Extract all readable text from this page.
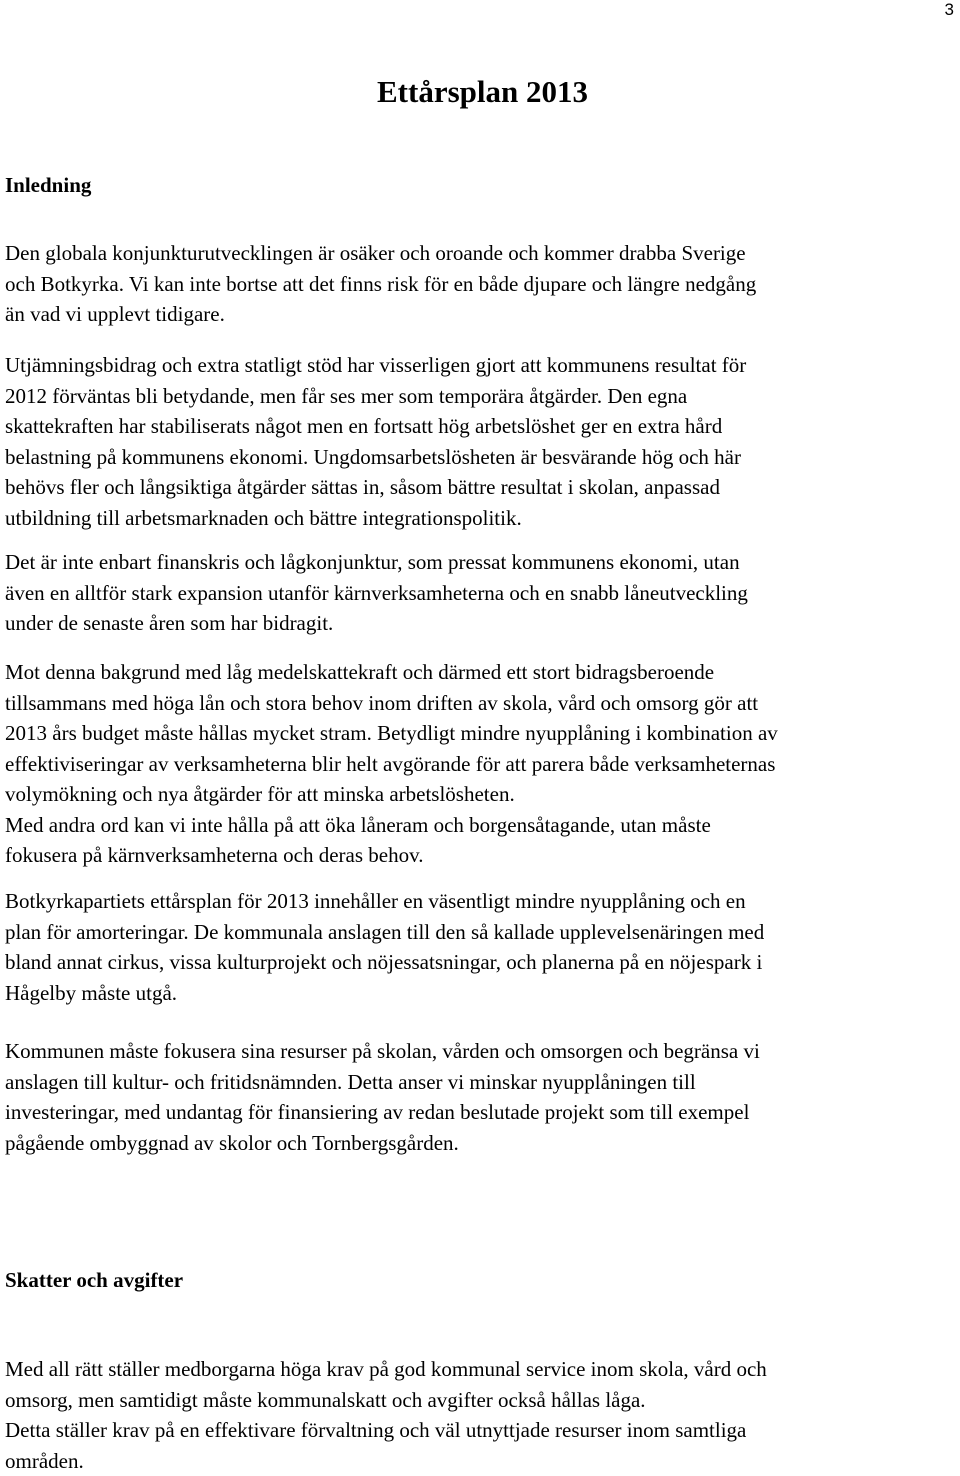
3
Ettårsplan 2013
Inledning

Den globala konjunkturutvecklingen är osäker och oroande och kommer drabba Sverige
och Botkyrka. Vi kan inte bortse att det finns risk för en både djupare och längre nedgång
än vad vi upplevt tidigare.

Utjämningsbidrag och extra statligt stöd har visserligen gjort att kommunens resultat för
2012 förväntas bli betydande, men får ses mer som temporära åtgärder. Den egna
skattekraften har stabiliserats något men en fortsatt hög arbetslöshet ger en extra hård
belastning på kommunens ekonomi. Ungdomsarbetslösheten är besvärande hög och här
behövs fler och långsiktiga åtgärder sättas in, såsom bättre resultat i skolan, anpassad
utbildning till arbetsmarknaden och bättre integrationspolitik.

Det är inte enbart finanskris och lågkonjunktur, som pressat kommunens ekonomi, utan
även en alltför stark expansion utanför kärnverksamheterna och en snabb låneutveckling
under de senaste åren som har bidragit.

Mot denna bakgrund med låg medelskattekraft och därmed ett stort bidragsberoende
tillsammans med höga lån och stora behov inom driften av skola, vård och omsorg gör att
2013 års budget måste hållas mycket stram. Betydligt mindre nyupplåning i kombination av
effektiviseringar av verksamheterna blir helt avgörande för att parera både verksamheternas
volymökning och nya åtgärder för att minska arbetslösheten.
Med andra ord kan vi inte hålla på att öka låneram och borgensåtagande, utan måste
fokusera på kärnverksamheterna och deras behov.

Botkyrkapartiets ettårsplan för 2013 innehåller en väsentligt mindre nyupplåning och en
plan för amorteringar. De kommunala anslagen till den så kallade upplevelsenäringen med
bland annat cirkus, vissa kulturprojekt och nöjessatsningar, och planerna på en nöjespark i
Hågelby måste utgå.

Kommunen måste fokusera sina resurser på skolan, vården och omsorgen och begränsa vi
anslagen till kultur- och fritidsnämnden. Detta anser vi minskar nyupplåningen till
investeringar, med undantag för finansiering av redan beslutade projekt som till exempel
pågående ombyggnad av skolor och Tornbergsgården.

Skatter och avgifter

Med all rätt ställer medborgarna höga krav på god kommunal service inom skola, vård och
omsorg, men samtidigt måste kommunalskatt och avgifter också hållas låga.
Detta ställer krav på en effektivare förvaltning och väl utnyttjade resurser inom samtliga
områden.
